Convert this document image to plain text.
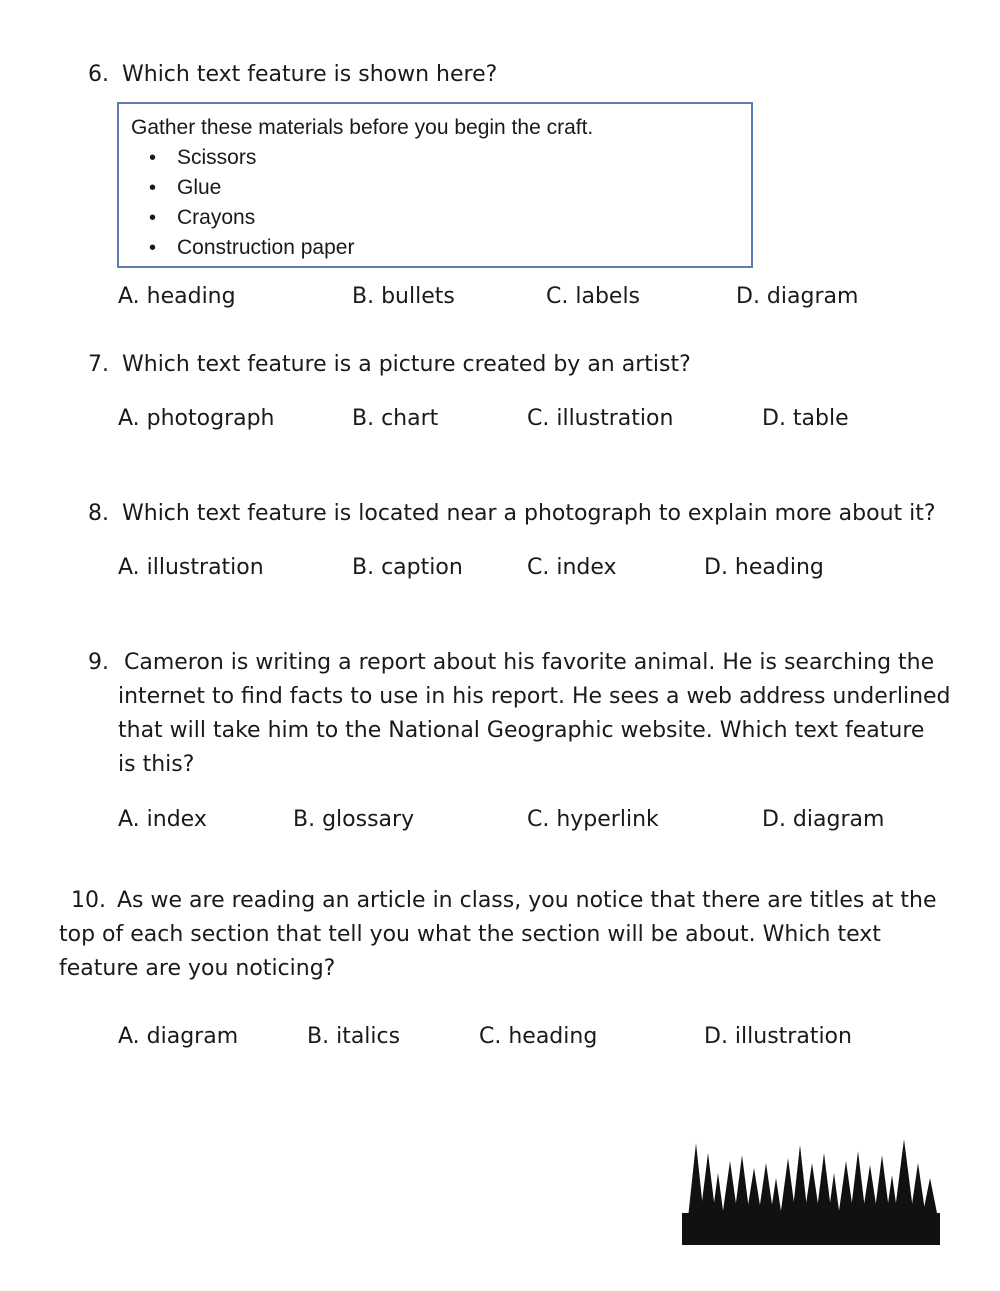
6. Which text feature is shown here?
Gather these materials before you begin the craft.
• Scissors
• Glue
• Crayons
• Construction paper
A. heading	B. bullets	C. labels	D. diagram
7. Which text feature is a picture created by an artist?
A. photograph	B. chart	C. illustration	D. table
8. Which text feature is located near a photograph to explain more about it?
A. illustration	B. caption	C. index	D. heading
9. Cameron is writing a report about his favorite animal. He is searching the
internet to find facts to use in his report. He sees a web address underlined
that will take him to the National Geographic website. Which text feature
is this?
A. index	B. glossary	C. hyperlink	D. diagram
10. As we are reading an article in class, you notice that there are titles at the
top of each section that tell you what the section will be about. Which text
feature are you noticing?
A. diagram	B. italics	C. heading	D. illustration
